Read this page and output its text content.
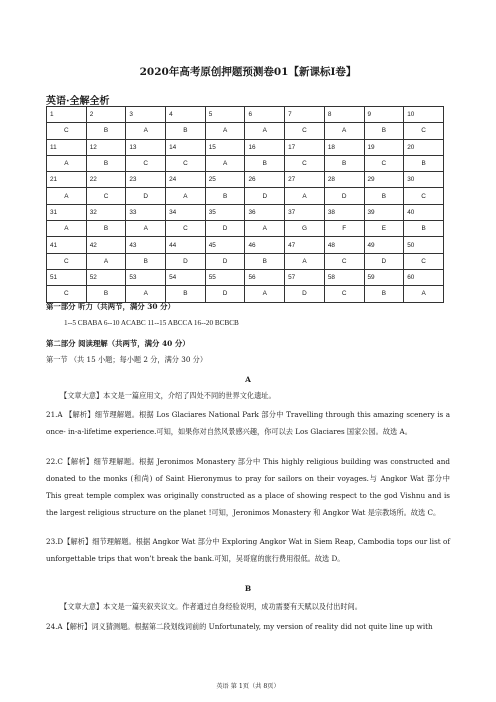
2020年高考原创押题预测卷01【新课标Ⅰ卷】
英语·全解全析
1	2	3	4	5	6	7	8	9	10
C	B	A	B	A	A	C	A	B	C
11	12	13	14	15	16	17	18	19	20
A	B	C	C	A	B	C	B	C	B
21	22	23	24	25	26	27	28	29	30
A	C	D	A	B	D	A	D	B	C
31	32	33	34	35	36	37	38	39	40
A	B	A	C	D	A	G	F	E	B
41	42	43	44	45	46	47	48	49	50
C	A	B	D	D	B	A	C	D	C
51	52	53	54	55	56	57	58	59	60
C	B	A	B	D	A	D	C	B	A
第一部分 听力（共两节，满分 30 分）
1--5 CBABA 6--10 ACABC 11--15 ABCCA 16--20 BCBCB
第二部分 阅读理解（共两节，满分 40 分）
第一节 （共 15 小题；每小题 2 分，满分 30 分）
A
【文章大意】本文是一篇应用文，介绍了四处不同的世界文化遗址。
21.A 【解析】细节理解题。根据 Los Glaciares National Park 部分中 Travelling through this amazing scenery is a once- in-a-lifetime experience.可知，如果你对自然风景感兴趣，你可以去 Los Glaciares 国家公园。故选 A。
22.C【解析】细节理解题。根据 Jeronimos Monastery 部分中 This highly religious building was constructed and donated to the monks (和尚) of Saint Hieronymus to pray for sailors on their voyages.与 Angkor Wat 部分中 This great temple complex was originally constructed as a place of showing respect to the god Vishnu and is the largest religious structure on the planet !可知，Jeronimos Monastery 和 Angkor Wat 是宗教场所。故选 C。
23.D【解析】细节理解题。根据 Angkor Wat 部分中 Exploring Angkor Wat in Siem Reap, Cambodia tops our list of unforgettable trips that won’t break the bank.可知，吴哥窟的旅行费用很低。故选 D。
B
【文章大意】本文是一篇夹叙夹议文。作者通过自身经验说明，成功需要有天赋以及付出时间。
24.A【解析】词义猜测题。根据第二段划线词前的 Unfortunately, my version of reality did not quite line up with
英语 第 1页（共 8页）
